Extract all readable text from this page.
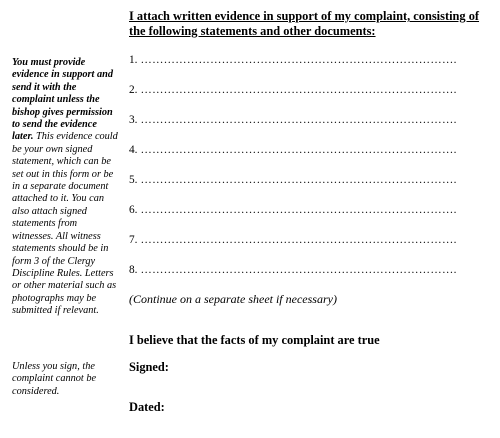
I attach written evidence in support of my complaint, consisting of the following statements and other documents:
You must provide evidence in support and send it with the complaint unless the bishop gives permission to send the evidence later. This evidence could be your own signed statement, which can be set out in this form or be in a separate document attached to it. You can also attach signed statements from witnesses. All witness statements should be in form 3 of the Clergy Discipline Rules. Letters or other material such as photographs may be submitted if relevant.
1. ……………………………………………………………………….
2. ……………………………………………………………………….
3. ……………………………………………………………………….
4. ……………………………………………………………………….
5. ……………………………………………………………………….
6. ……………………………………………………………………….
7. ……………………………………………………………………….
8. ……………………………………………………………………….
(Continue on a separate sheet if necessary)
I believe that the facts of my complaint are true
Unless you sign, the complaint cannot be considered.
Signed:
Dated:
